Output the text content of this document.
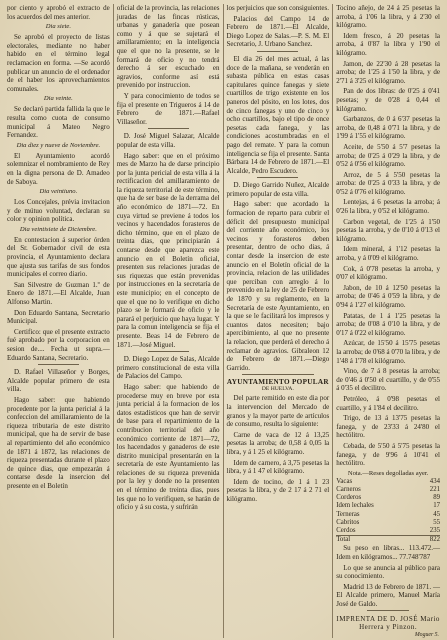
por ciento y aprobó el extracto de los acuerdos del mes anterior.

Dia siete.

Se aprobó el proyecto de listas electorales, mediante no haber habido en el término legal reclamacion en forma. —Se acordó publicar un anuncio de el ordenador de el haber los aprovechamientos comunales.

Dia veinte.

Se declaró partida fallida la que le resulta como cuota de consumo municipal á Mateo Negro Fernandez.

Dia diez y nueve de Noviembre.

El Ayuntamiento acordó solemnizar el nombramiento de Rey en la digna persona de D. Amadeo de Saboya.

Dia veintiuno.

Los Concejales, prévia invitacion y de mútuo voluntad, declaran su color y opinion política.

Dia veintisiete de Diciembre.

En contestacion á superior órden del Sr. Gobernador civil de esta provincia, el Ayuntamiento declara que ajusta sus tarifas de sus fondos municipales el correo diario.

San Silvestre de Guzman 1.º de Enero de 1871.—El Alcalde, Juan Alfonso Martin.

Don Eduardo Santana, Secretario Municipal.

Certifico: que el presente extracto fué aprobado por la corporacion en sesion de.... Fecha ut supra.—Eduardo Santana, Secretario.

D. Rafael Villaseñor y Borges, Alcalde popular primero de esta villa.

Hago saber: que habiendo procedente por la junta pericial á la confeccion del amillaramiento de la riqueza tributaria de este distrito municipal, que ha de servir de base al repartimiento del año económico de 1871 á 1872, las relaciones de riqueza presentadas durante el plazo de quince dias, que empezarán á contarse desde la insercion del presente en el Boletín

oficial de la provincia, las relaciones juradas de las fincas rústicas, urbanas y ganadería que posean como y á que se sujetará el amillaramiento; en la inteligencia que el que no la presente, se le formará de oficio y no tendrá derecho á ser escuchado en agravios, conforme así está prevenido por instruccion.

Y para conocimiento de todos se fija el presente en Trigueros á 14 de Febrero de 1871.—Rafael Villaseñor.

D. José Miguel Salazar, Alcalde popular de esta villa.

Hago saber: que en el próximo mes de Marzo ha de darse principio por la junta pericial de esta villa á la rectificacion del amillaramiento de la riqueza territorial de este término, que ha de ser base de la derrama del año económico de 1871—72. En cuya virtud se previene á todos los vecinos y hacendados forasteros de dicho término, que en el plazo de treinta dias, que principiarán á contarse desde que aparezca este anuncio en el Boletín oficial, presenten sus relaciones juradas de sus riquezas que están prevenidas por instrucciones en la secretaría de este municipio; en el concepto de que el que no lo verifique en dicho plazo se le formará de oficio y le parará el perjuicio que haya lugar. Y para la comun inteligencia se fija el presente. Beas 14 de Febrero de 1871.—José Miguel.

D. Diego Lopez de Salas, Alcalde primero constitucional de esta villa de Palacios del Campo.

Hago saber: que habiendo de procederse muy en breve por esta junta pericial á la formacion de los datos estadísticos que han de servir de base para el repartimiento de la contribucion territorial del año económico corriente de 1871—72, los hacendados y ganaderos de este distrito municipal presentarán en la secretaría de este Ayuntamiento las relaciones de su riqueza prevenida por la ley y donde no la presenten en el término de treinta dias, pues les que no lo verifiquen, se harán de oficio y á su costa, y sufrirán

los perjuicios que son consiguientes.

Palacios del Campo 14 de Febrero de 1871.—El Alcalde, Diego Lopez de Salas.—P. S. M. El Secretario, J. Urbano Sanchez.

El dia 26 del mes actual, á las doce de la mañana, se venderán en subasta pública en estas casas capitulares quince fanegas y siete cuartillos de trigo existente en los paneros del pósito, en los lotes, dos de cinco fanegas y uno de cinco y ocho cuartillos, bajo el tipo de once pesetas cada fanega, y las condiciones acostumbradas en el pago del remate. Y para la comun inteligencia se fija el presente. Santa Bárbara 14 de Febrero de 1871.—El Alcalde, Pedro Escudero.

D. Diego Garrido Nuñez, Alcalde primero popular de esta villa.

Hago saber: que acordado la formacion de reparto para cubrir el déficit del presupuesto municipal del corriente año económico, los vecinos y forasteros deben presentar, dentro de ocho dias, á contar desde la insercion de este anuncio en el Boletín oficial de la provincia, relacion de las utilidades que perciban con arreglo á lo prevenido en la ley de 25 de Febrero de 1870 y su reglamento, en la Secretaría de este Ayuntamiento, en la que se le facilitará los impresos y cuantos datos necesiten; bajo apercibimiento, al que no presente la relacion, que perderá el derecho á reclamar de agravios. Gibraleon 12 de Febrero de 1871.—Diego Garrido.

AYUNTAMIENTO POPULAR
DE HUELVA.

Del parte remitido en este dia por la intervencion del Mercado de granos y la mayor parte de artículos de consumo, resulta lo siguiente:

Carne de vaca de 12 á 13,25 pesetas la arroba; de 0,58 á 0,05 la libra, y á 1 25 el kilógramo.

Idem de carnero, á 3,75 pesetas la libra, y á 1 47 el kilógramo.

Idem de tocino, de 1 á 1 23 pesetas la libra, y de 2 17 á 2 71 el kilógramo.

Tocino añejo, de 24 á 25 pesetas la arroba, á 1'06 la libra, y á 2'30 el kilógramo.

Idem fresco, á 20 pesetas la arroba, á 0'87 la libra y 1'90 el kilógramo.

Jamon, de 22'30 á 28 pesetas la arroba; de 1'25 á 1'50 la libra, y de 2'71 á 3'25 el kilógramo.

Pan de dos libras: de 0'25 á 0'41 pesetas; y de 0'28 á 0,44 el kilógramo.

Garbanzos, de 0 á 6'37 pesetas la arroba, de 0,48 á 0'71 la libra, y de 1'99 á 1'55 el kilógramo.

Aceite, de 5'50 á 5'7 pesetas la arroba; de 0'25 á 0'29 la libra, y de 0'52 á 0'56 el kilógramo.

Arroz, de 5 á 5'50 pesetas la arroba: de 0'25 á 0'33 la libra, y de 0'52 á 0'76 el kilógramo.

Lentejas, á 6 pesetas la arroba; á 0'26 la libra, y 0'52 el kilógramo.

Carbon vegetal, de 1'25 á 1'50 pesetas la arroba, y de 0'10 á 0'13 el kilógramo.

Idem mineral, á 1'12 pesetas la arroba, y á 0'09 el kilógramo.

Cok, á 0'78 pesetas la arroba, y 0'07 el kilógramo.

Jabon, de 10 á 12'50 pesetas la arroba; de 0'46 á 0'59 la libra, y de 0'94 á 1'27 el kilógramo.

Patatas, de 1 á 1'25 pesetas la arroba; de 0'08 á 0'10 la libra, y de 0'17 á 0'22 el kilógramo.

Azúcar, de 15'50 á 15'75 pesetas la arroba; de 0'68 á 0'70 la libra, y de 1'48 á 1'78 el kilógramo.

Vino, de 7 á 8 pesetas la arroba; de 0'46 á 0'50 el cuartillo, y de 0'55 á 0'35 el decilitro.

Petróleo, á 0'98 pesetas el cuartillo, y á 1'84 el decilitro.

Trigo, de 13 á 13'75 pesetas la fanega, y de 23'33 á 24'80 el hectólitro.

Cebada, de 5'50 á 5'75 pesetas la fanega, y de 9'96 á 10'41 el hectólitro.

Nota.—Reses degolladas ayer.
Vacas	434
Carneros	221
Corderos	89
Idem lechales	17
Terneras	45
Cabritos	55
Cerdos	235
Total	822

Su peso en libras... 113.472.— Idem en kilógramos... 77.748'787

Lo que se anuncia al público para su conocimiento.

Madrid 13 de Febrero de 1871. —El Alcalde primero, Manuel María José de Galdo.

IMPRENTA DE D. JOSÉ Mario Herrera y Pinzon.
Moguer 5.
